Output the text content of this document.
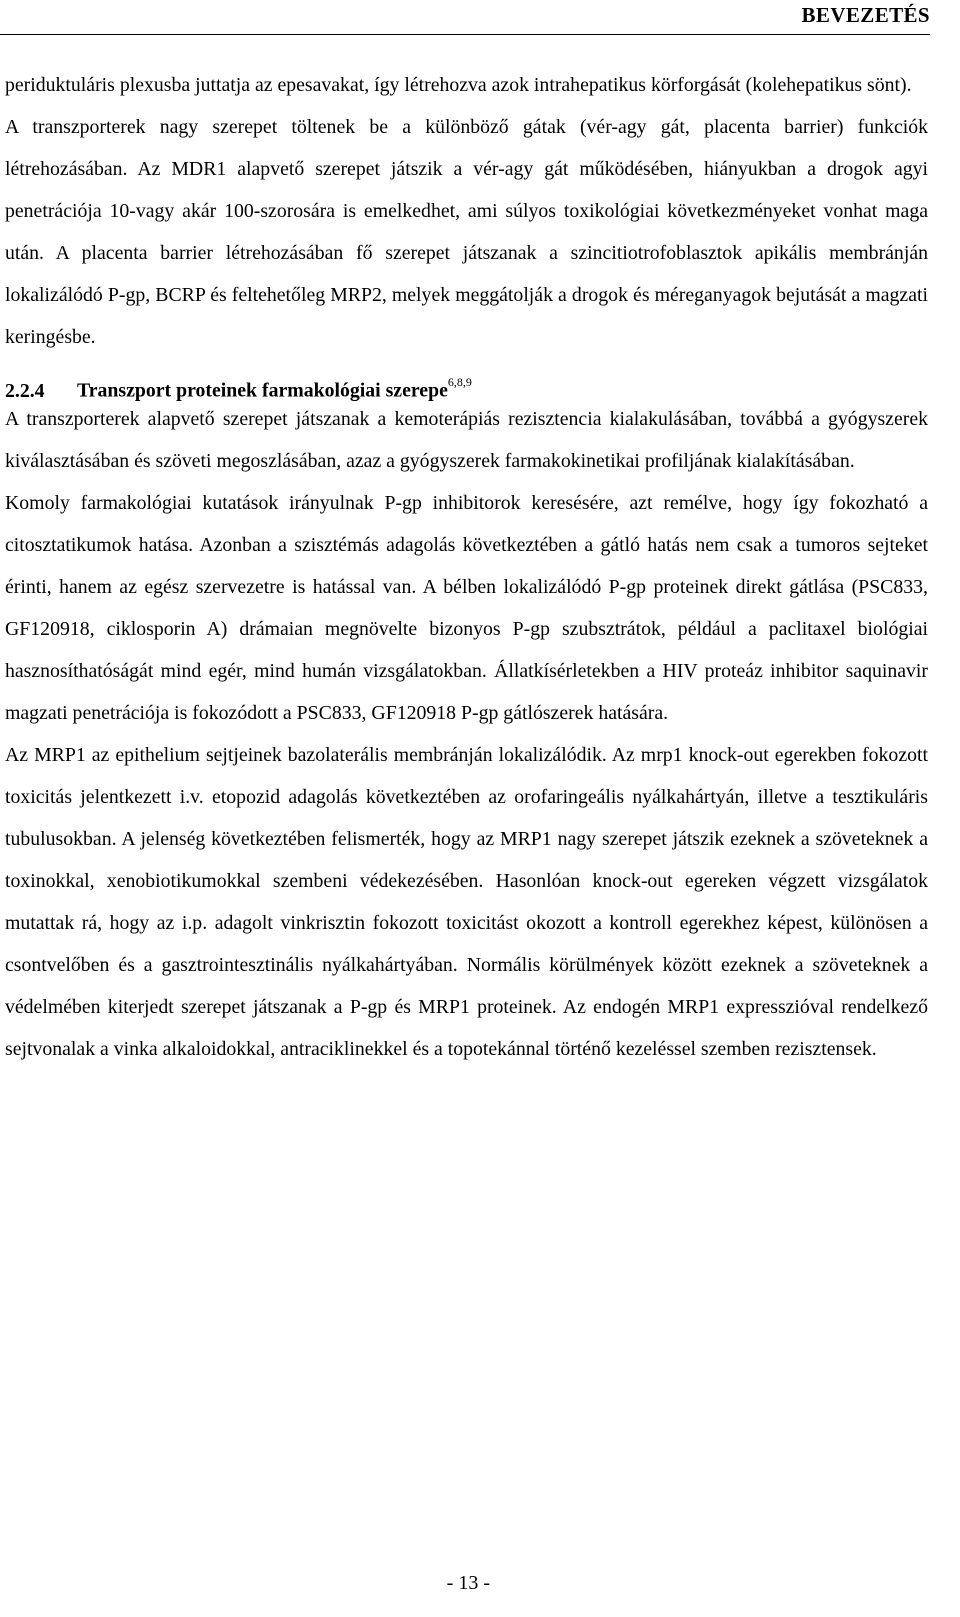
BEVEZETÉS

periduktuláris plexusba juttatja az epesavakat, így létrehozva azok intrahepatikus körforgását (kolehepatikus sönt).

A transzporterek nagy szerepet töltenek be a különböző gátak (vér-agy gát, placenta barrier) funkciók létrehozásában. Az MDR1 alapvető szerepet játszik a vér-agy gát működésében, hiányukban a drogok agyi penetrációja 10-vagy akár 100-szorosára is emelkedhet, ami súlyos toxikológiai következményeket vonhat maga után. A placenta barrier létrehozásában fő szerepet játszanak a szincitiotrofoblasztok apikális membránján lokalizálódó P-gp, BCRP és feltehetőleg MRP2, melyek meggátolják a drogok és méreganyagok bejutását a magzati keringésbe.

2.2.4 Transzport proteinek farmakológiai szerepe$^{6,8,9}$

A transzporterek alapvető szerepet játszanak a kemoterápiás rezisztencia kialakulásában, továbbá a gyógyszerek kiválasztásában és szöveti megoszlásában, azaz a gyógyszerek farmakokinetikai profiljának kialakításában.

Komoly farmakológiai kutatások irányulnak P-gp inhibitorok keresésére, azt remélve, hogy így fokozható a citosztatikumok hatása. Azonban a szisztémás adagolás következtében a gátló hatás nem csak a tumoros sejteket érinti, hanem az egész szervezetre is hatással van. A bélben lokalizálódó P-gp proteinek direkt gátlása (PSC833, GF120918, ciklosporin A) drámaian megnövelte bizonyos P-gp szubsztrátok, például a paclitaxel biológiai hasznosíthatóságát mind egér, mind humán vizsgálatokban. Állatkísérletekben a HIV proteáz inhibitor saquinavir magzati penetrációja is fokozódott a PSC833, GF120918 P-gp gátlószerek hatására.

Az MRP1 az epithelium sejtjeinek bazolaterális membránján lokalizálódik. Az mrp1 knock-out egerekben fokozott toxicitás jelentkezett i.v. etopozid adagolás következtében az orofaringeális nyálkahártyán, illetve a tesztikuláris tubulusokban. A jelenség következtében felismerték, hogy az MRP1 nagy szerepet játszik ezeknek a szöveteknek a toxinokkal, xenobiotikumokkal szembeni védekezésében. Hasonlóan knock-out egereken végzett vizsgálatok mutattak rá, hogy az i.p. adagolt vinkrisztin fokozott toxicitást okozott a kontroll egerekhez képest, különösen a csontvelőben és a gasztrointesztinális nyálkahártyában. Normális körülmények között ezeknek a szöveteknek a védelmében kiterjedt szerepet játszanak a P-gp és MRP1 proteinek. Az endogén MRP1 expresszióval rendelkező sejtvonalak a vinka alkaloidokkal, antraciklinekkel és a topotekánnal történő kezeléssel szemben rezisztensek.

- 13 -
